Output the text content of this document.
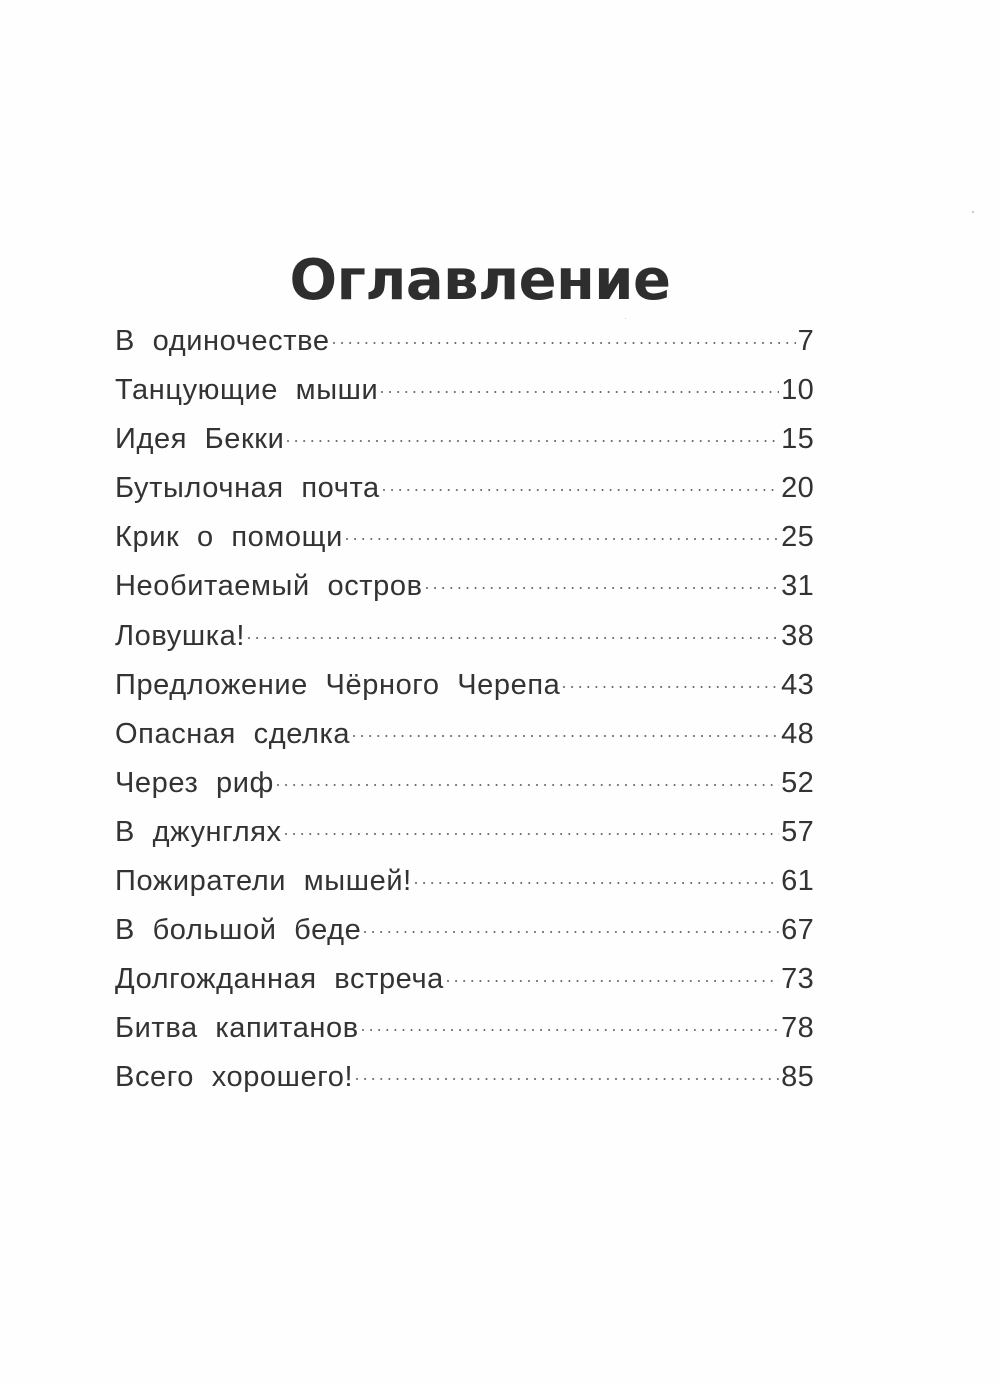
Оглавление
В одиночестве	7
Танцующие мыши	10
Идея Бекки	15
Бутылочная почта	20
Крик о помощи	25
Необитаемый остров	31
Ловушка!	38
Предложение Чёрного Черепа	43
Опасная сделка	48
Через риф	52
В джунглях	57
Пожиратели мышей!	61
В большой беде	67
Долгожданная встреча	73
Битва капитанов	78
Всего хорошего!	85
